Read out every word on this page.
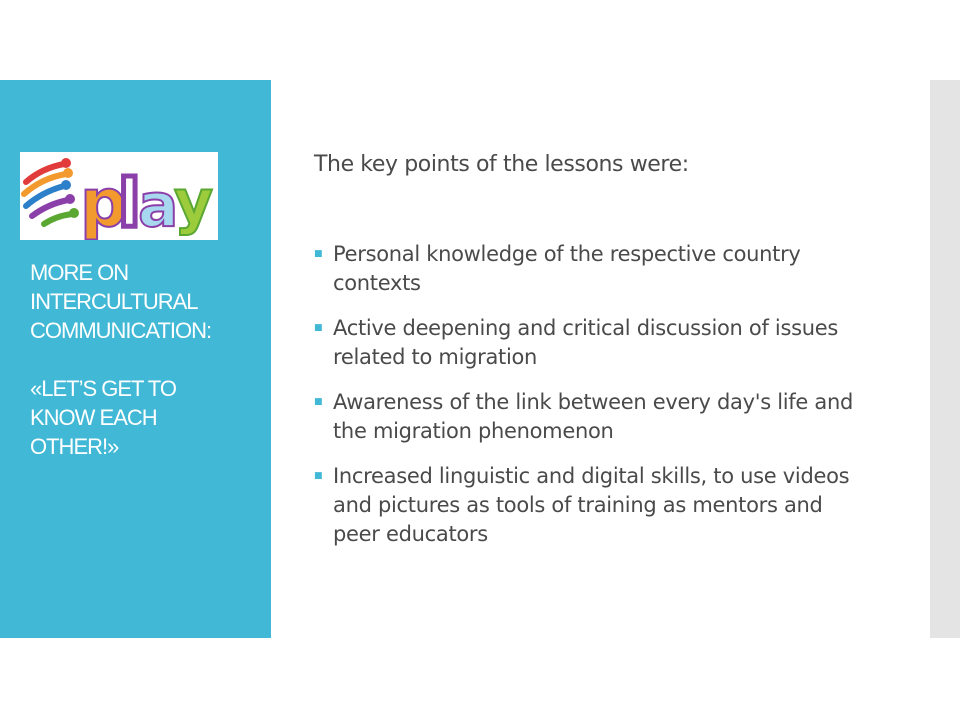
p
l
a
y
MORE ON
INTERCULTURAL
COMMUNICATION:
«LET’S GET TO
KNOW EACH
OTHER!»

The key points of the lessons were:

■ Personal knowledge of the respective country
contexts
■ Active deepening and critical discussion of issues
related to migration
■ Awareness of the link between every day's life and
the migration phenomenon
■ Increased linguistic and digital skills, to use videos
and pictures as tools of training as mentors and
peer educators
